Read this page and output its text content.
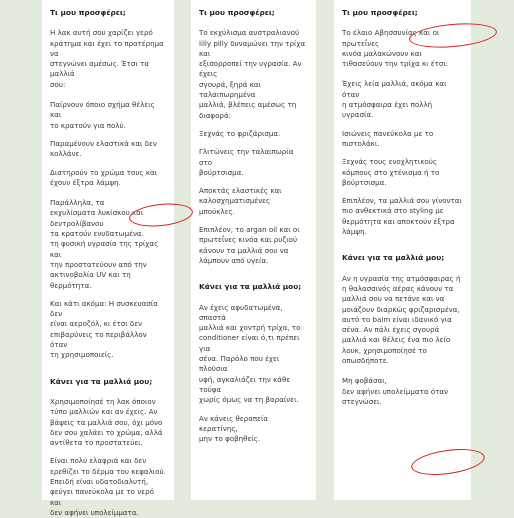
Τι μου προσφέρει;
Η λακ αυτή σου χαρίζει γερό
κράτημα και έχει το προτέρημα να
στεγνώνει αμέσως. Έτσι τα μαλλιά
σου:
Παίρνουν όποιο σχήμα θέλεις και
το κρατούν για πολύ.
Παραμένουν ελαστικά και δεν
κολλάνε.
Διατηρούν το χρώμα τους και
έχουν έξτρα λάμψη.
Παράλληλα, τα
εκχυλίσματα λυκίσκου και δεντρολίβανου
τα κρατούν ενυδατωμένα.
τη φυσική υγρασία της τρίχας και
την προστατεύουν από την
ακτινοβολία UV και τη θερμότητα.
Και κάτι ακόμα: Η συσκευασία δεν
είναι αεροζόλ, κι έτσι δεν
επιβαρύνεις το περιβάλλον όταν
τη χρησιμοποιείς.
Κάνει για τα μαλλιά μου;
Χρησιμοποίησέ τη λακ όποιον
τύπο μαλλιών και αν έχεις. Αν
βάψεις τα μαλλιά σου, όχι μόνο
δεν σου χαλάει το χρώμα, αλλά
αντίθετα το προστατεύει.
Είναι πολύ ελαφριά και δεν
ερεθίζει το δέρμα του κεφαλιού.
Επειδή είναι υδατοδιαλυτή,
φεύγει πανεύκολα με το νερό και
δεν αφήνει υπολείμματα.
Τι μου προσφέρει;
Το εκχύλισμα αυστραλιανού
lilly pilly δυναμώνει την τρίχα και
εξισορροπεί την υγρασία. Αν έχεις
σγουρά, ξηρά και ταλαιπωρημένα
μαλλιά, βλέπεις αμέσως τη
διαφορά:
Ξεχνάς το φριζάρισμα.
Γλιτώνεις την ταλαιπωρία στο
βούρτσισμα.
Αποκτάς ελαστικές και
καλοσχηματισμένες μπούκλες.
Επιπλέον, το argan oil και οι
πρωτεΐνες κινόα και ρυζιού
κάνουν τα μαλλιά σου να
λάμπουν από υγεία.
Κάνει για τα μαλλιά μου;
Αν έχεις αφυδατωμένα, σπαστά
μαλλιά και χοντρή τρίχα, το
conditioner είναι ό,τι πρέπει για
σένα. Παρόλο που έχει πλούσια
υφή, αγκαλιάζει την κάθε τούφα
χωρίς όμως να τη βαραίνει.
Αν κάνεις θεραπεία κερατίνης,
μην το φοβηθείς.
Τι μου προσφέρει;
Το έλαιο Αβησσυνίας και οι πρωτεΐνες
κινόα μαλακώνουν και
τιθασεύουν την τρίχα κι έτσι:
Έχεις λεία μαλλιά, ακόμα και όταν
η ατμόσφαιρα έχει πολλή
υγρασία.
Ισιώνεις πανεύκολα με το
πιστολάκι.
Ξεχνάς τους ενοχλητικούς
κόμπους στο χτένισμα ή το
βούρτσισμα.
Επιπλέον, τα μαλλιά σου γίνονται
πιο ανθεκτικά στο styling με
θερμότητα και αποκτούν έξτρα
λάμψη.
Κάνει για τα μαλλιά μου;
Αν η υγρασία της ατμόσφαιρας ή
η θαλασσινός αέρας κάνουν τα
μαλλιά σου να πετάνε και να
μοιάζουν διαρκώς φριζαρισμένα,
αυτό το balm είναι ιδανικό για
σένα. Αν πάλι έχεις σγουρά
μαλλιά και θέλεις ένα πιο λείο
λουκ, χρησιμοποίησέ το
οπωσδήποτε.
Μη φοβάσαι,
δεν αφήνει υπολείμματα όταν στεγνώσει.
